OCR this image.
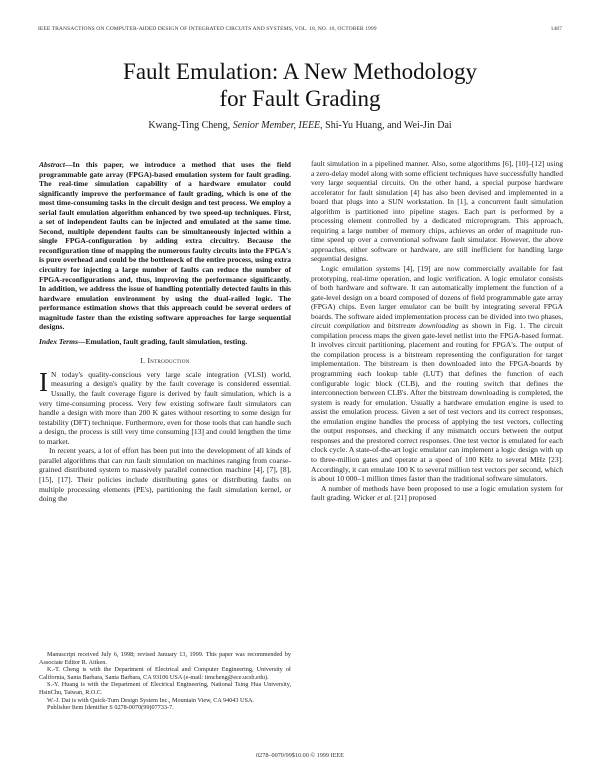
IEEE TRANSACTIONS ON COMPUTER-AIDED DESIGN OF INTEGRATED CIRCUITS AND SYSTEMS, VOL. 18, NO. 10, OCTOBER 1999	1487
Fault Emulation: A New Methodology
for Fault Grading
Kwang-Ting Cheng, Senior Member, IEEE, Shi-Yu Huang, and Wei-Jin Dai
Abstract—In this paper, we introduce a method that uses the field programmable gate array (FPGA)-based emulation system for fault grading. The real-time simulation capability of a hardware emulator could significantly improve the performance of fault grading, which is one of the most time-consuming tasks in the circuit design and test process. We employ a serial fault emulation algorithm enhanced by two speed-up techniques. First, a set of independent faults can be injected and emulated at the same time. Second, multiple dependent faults can be simultaneously injected within a single FPGA-configuration by adding extra circuitry. Because the reconfiguration time of mapping the numerous faulty circuits into the FPGA's is pure overhead and could be the bottleneck of the entire process, using extra circuitry for injecting a large number of faults can reduce the number of FPGA-reconfigurations and, thus, improving the performance significantly. In addition, we address the issue of handling potentially detected faults in this hardware emulation environment by using the dual-railed logic. The performance estimation shows that this approach could be several orders of magnitude faster than the existing software approaches for large sequential designs.
Index Terms—Emulation, fault grading, fault simulation, testing.
I. Introduction

I N today's quality-conscious very large scale integration (VLSI) world, measuring a design's quality by the fault coverage is considered essential. Usually, the fault coverage figure is derived by fault simulation, which is a very time-consuming process. Very few existing software fault simulators can handle a design with more than 200 K gates without resorting to some design for testability (DFT) technique. Furthermore, even for those tools that can handle such a design, the process is still very time consuming [13] and could lengthen the time to market.

In recent years, a lot of effort has been put into the development of all kinds of parallel algorithms that can run fault simulation on machines ranging from coarse-grained distributed system to massively parallel connection machine [4], [7], [8], [15], [17]. Their policies include distributing gates or distributing faults on multiple processing elements (PE's), partitioning the fault simulation kernel, or doing the

Manuscript received July 6, 1998; revised January 13, 1999. This paper was recommended by Associate Editor R. Aitken.

K.-T. Cheng is with the Department of Electrical and Computer Engineering, University of California, Santa Barbara, Santa Barbara, CA 93106 USA (e-mail: timcheng@ece.ucsb.edu).

S.-Y. Huang is with the Department of Electrical Engineering, National Tsing Hua University, HsinChu, Taiwan, R.O.C.

W.-J. Dai is with Quick-Turn Design System Inc., Mountain View, CA 94043 USA.

Publisher Item Identifier S 0278-0070(99)07733-7.

fault simulation in a pipelined manner. Also, some algorithms [6], [10]–[12] using a zero-delay model along with some efficient techniques have successfully handled very large sequential circuits. On the other hand, a special purpose hardware accelerator for fault simulation [4] has also been devised and implemented in a board that plugs into a SUN workstation. In [1], a concurrent fault simulation algorithm is partitioned into pipeline stages. Each part is performed by a processing element controlled by a dedicated microprogram. This approach, requiring a large number of memory chips, achieves an order of magnitude run-time speed up over a conventional software fault simulator. However, the above approaches, either software or hardware, are still inefficient for handling large sequential designs.

Logic emulation systems [4], [19] are now commercially available for fast prototyping, real-time operation, and logic verification. A logic emulator consists of both hardware and software. It can automatically implement the function of a gate-level design on a board composed of dozens of field programmable gate array (FPGA) chips. Even larger emulator can be built by integrating several FPGA boards. The software aided implementation process can be divided into two phases, circuit compilation and bitstream downloading as shown in Fig. 1. The circuit compilation process maps the given gate-level netlist into the FPGA-based format. It involves circuit partitioning, placement and routing for FPGA's. The output of the compilation process is a bitstream representing the configuration for target implementation. The bitstream is then downloaded into the FPGA-boards by programming each lookup table (LUT) that defines the function of each configurable logic block (CLB), and the routing switch that defines the interconnection between CLB's. After the bitstream downloading is completed, the system is ready for emulation. Usually a hardware emulation engine is used to assist the emulation process. Given a set of test vectors and its correct responses, the emulation engine handles the process of applying the test vectors, collecting the output responses, and checking if any mismatch occurs between the output responses and the prestored correct responses. One test vector is emulated for each clock cycle. A state-of-the-art logic emulator can implement a logic design with up to three-million gates and operate at a speed of 100 KHz to several MHz [23]. Accordingly, it can emulate 100 K to several million test vectors per second, which is about 10 000–1 million times faster than the traditional software simulators.

A number of methods have been proposed to use a logic emulation system for fault grading. Wicker et al. [21] proposed

0278–0070/99$10.00 © 1999 IEEE
